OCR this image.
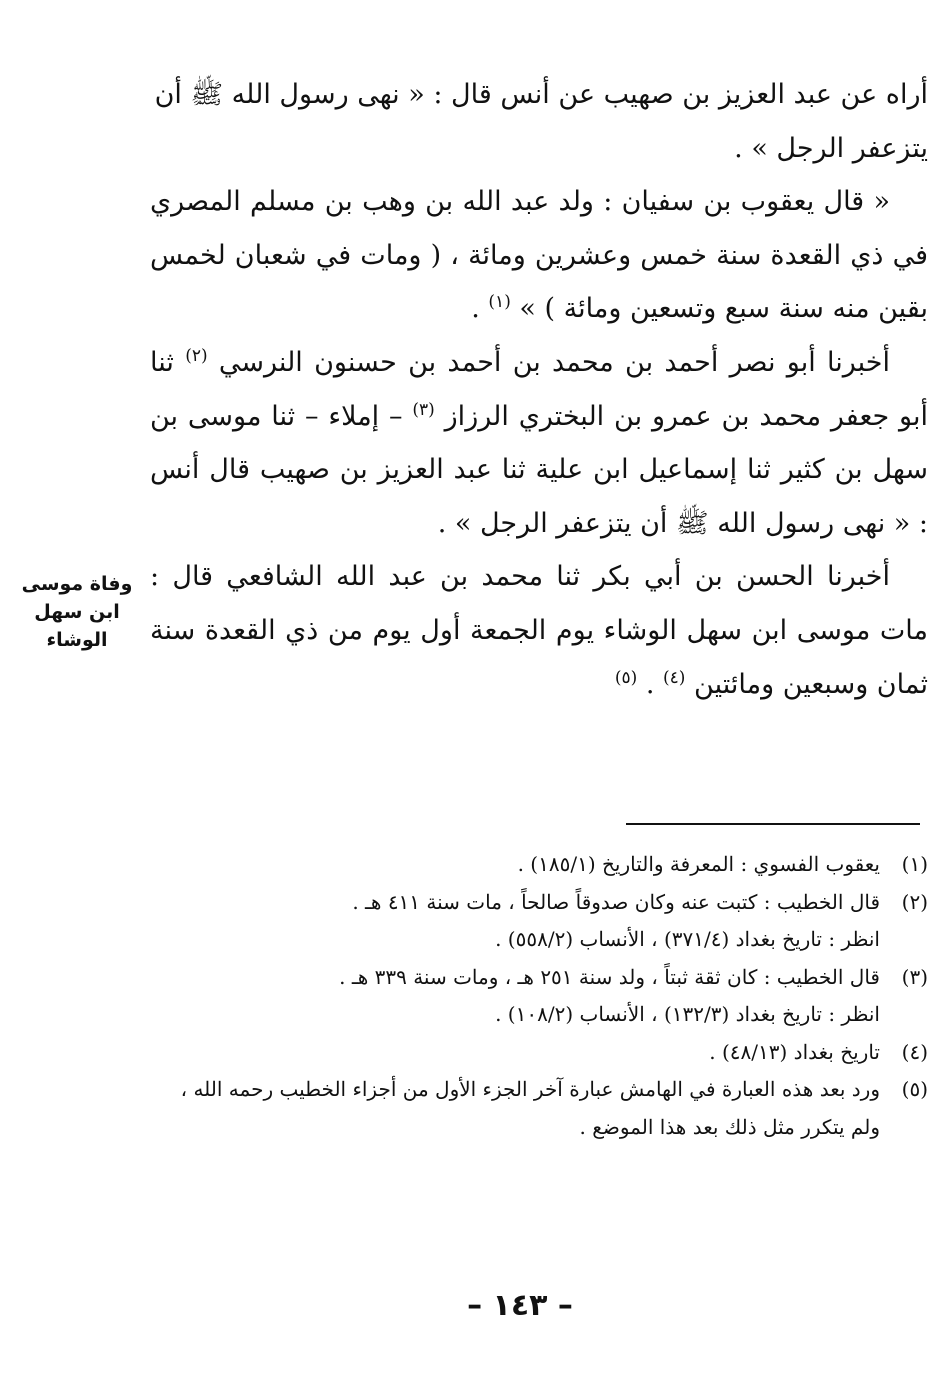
أراه عن عبد العزيز بن صهيب عن أنس قال : « نهى رسول الله ﷺ أن
يتزعفر الرجل » .

« قال يعقوب بن سفيان : ولد عبد الله بن وهب بن مسلم المصري في ذي القعدة سنة خمس وعشرين ومائة ، ( ومات في شعبان لخمس بقين منه سنة سبع وتسعين ومائة ) » $^{(١)}$ .

أخبرنا أبو نصر أحمد بن محمد بن أحمد بن حسنون النرسي $^{(٢)}$ ثنا أبو جعفر محمد بن عمرو بن البختري الرزاز $^{(٣)}$ – إملاء – ثنا موسى بن سهل بن كثير ثنا إسماعيل ابن علية ثنا عبد العزيز بن صهيب قال أنس : « نهى رسول الله ﷺ أن يتزعفر الرجل » .

أخبرنا الحسن بن أبي بكر ثنا محمد بن عبد الله الشافعي قال : مات موسى ابن سهل الوشاء يوم الجمعة أول يوم من ذي القعدة سنة ثمان وسبعين ومائتين $^{(٤)}$ . $^{(٥)}$

وفاة موسى
ابن سهل
الوشاء
(١)
يعقوب الفسوي : المعرفة والتاريخ (١٨٥/١) .
(٢)
قال الخطيب : كتبت عنه وكان صدوقاً صالحاً ، مات سنة ٤١١ هـ .
انظر : تاريخ بغداد (٣٧١/٤) ، الأنساب (٥٥٨/٢) .
(٣)
قال الخطيب : كان ثقة ثبتاً ، ولد سنة ٢٥١ هـ ، ومات سنة ٣٣٩ هـ .
انظر : تاريخ بغداد (١٣٢/٣) ، الأنساب (١٠٨/٢) .
(٤)
تاريخ بغداد (٤٨/١٣) .
(٥)
ورد بعد هذه العبارة في الهامش عبارة آخر الجزء الأول من أجزاء الخطيب رحمه الله ،
ولم يتكرر مثل ذلك بعد هذا الموضع .
– ١٤٣ –
